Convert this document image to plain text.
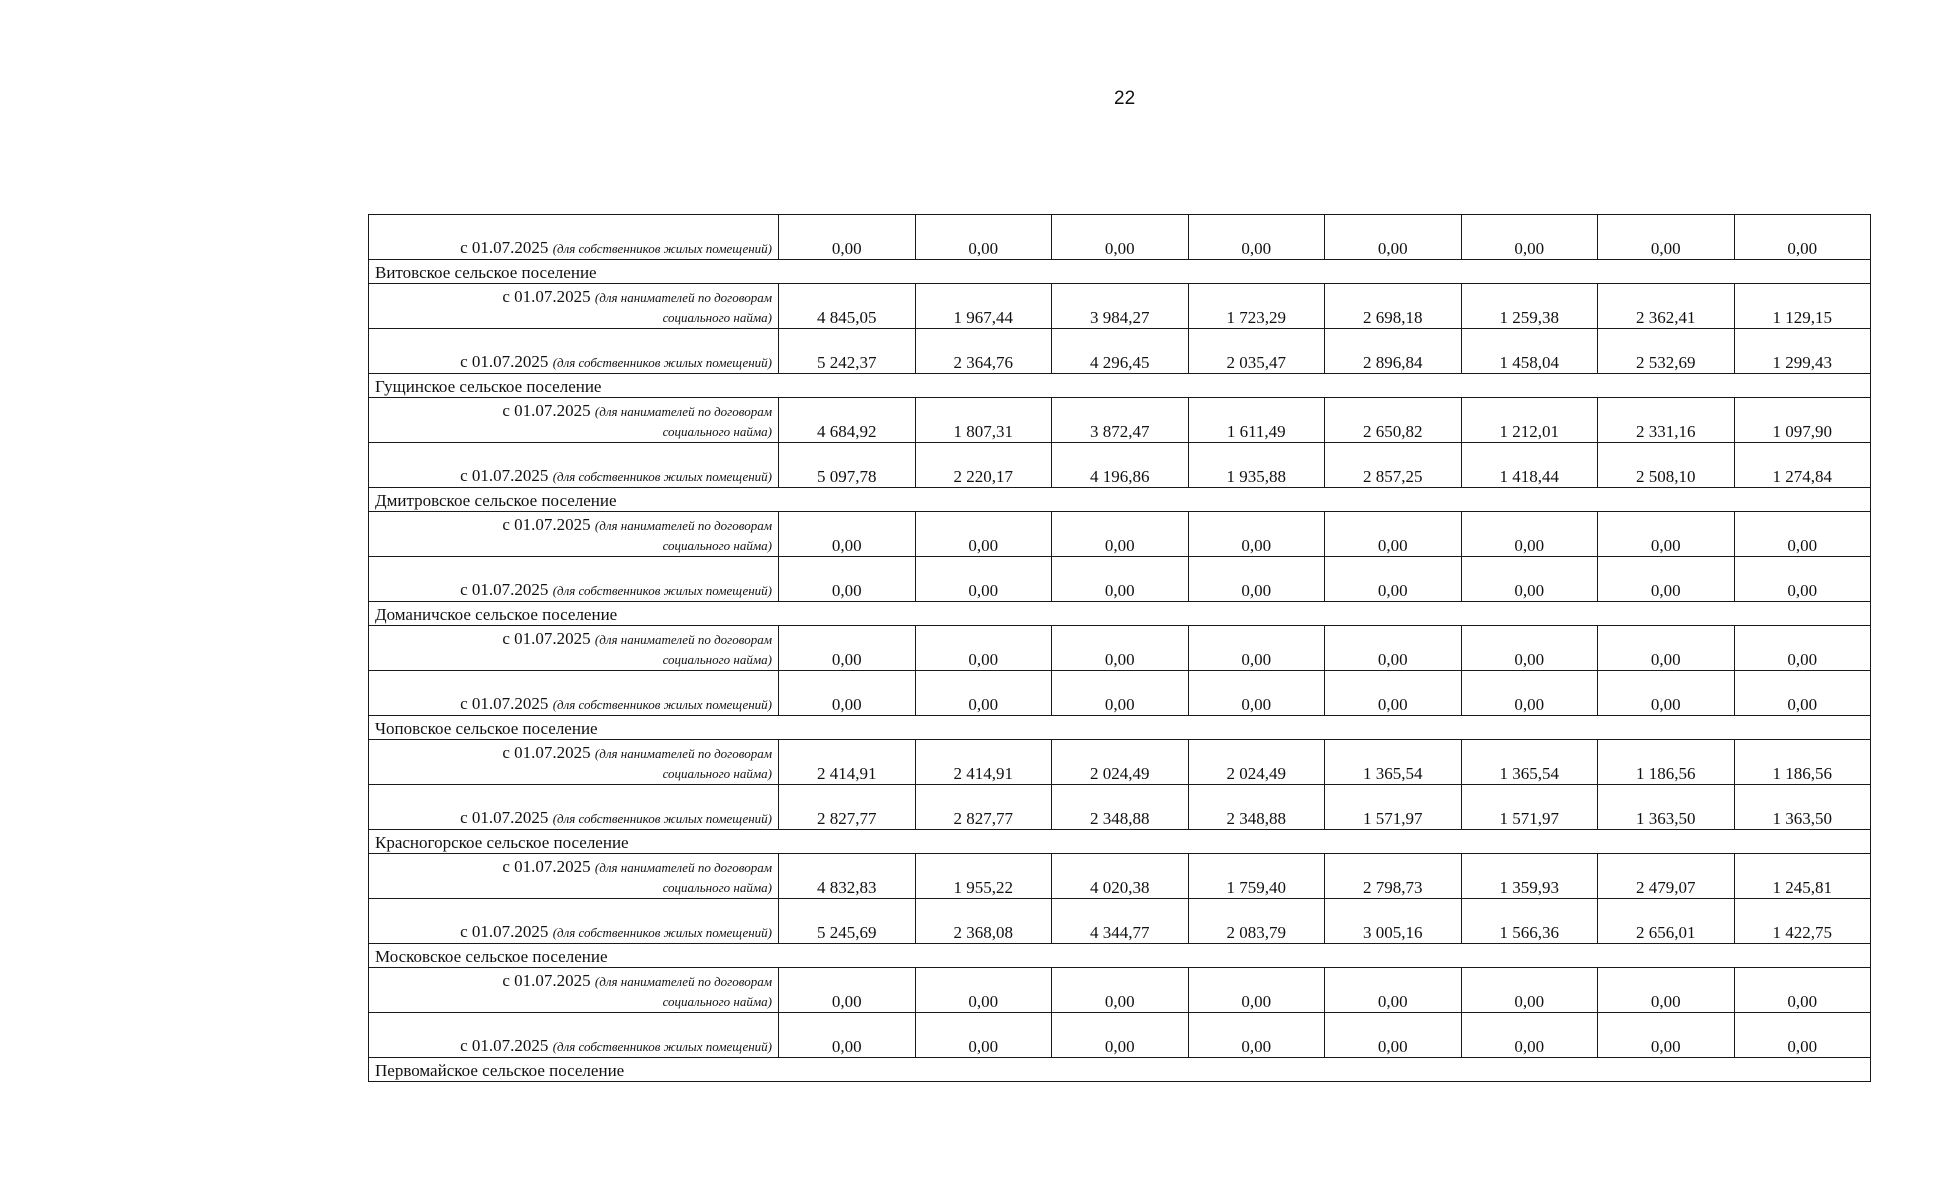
22
с 01.07.2025 (для собственников жилых помещений)	0,00	0,00	0,00	0,00	0,00	0,00	0,00	0,00
Витовское сельское поселение								
с 01.07.2025 (для нанимателей по договорам
социального найма)	4 845,05	1 967,44	3 984,27	1 723,29	2 698,18	1 259,38	2 362,41	1 129,15
с 01.07.2025 (для собственников жилых помещений)	5 242,37	2 364,76	4 296,45	2 035,47	2 896,84	1 458,04	2 532,69	1 299,43
Гущинское сельское поселение								
с 01.07.2025 (для нанимателей по договорам
социального найма)	4 684,92	1 807,31	3 872,47	1 611,49	2 650,82	1 212,01	2 331,16	1 097,90
с 01.07.2025 (для собственников жилых помещений)	5 097,78	2 220,17	4 196,86	1 935,88	2 857,25	1 418,44	2 508,10	1 274,84
Дмитровское сельское поселение								
с 01.07.2025 (для нанимателей по договорам
социального найма)	0,00	0,00	0,00	0,00	0,00	0,00	0,00	0,00
с 01.07.2025 (для собственников жилых помещений)	0,00	0,00	0,00	0,00	0,00	0,00	0,00	0,00
Доманичское сельское поселение								
с 01.07.2025 (для нанимателей по договорам
социального найма)	0,00	0,00	0,00	0,00	0,00	0,00	0,00	0,00
с 01.07.2025 (для собственников жилых помещений)	0,00	0,00	0,00	0,00	0,00	0,00	0,00	0,00
Чоповское сельское поселение								
с 01.07.2025 (для нанимателей по договорам
социального найма)	2 414,91	2 414,91	2 024,49	2 024,49	1 365,54	1 365,54	1 186,56	1 186,56
с 01.07.2025 (для собственников жилых помещений)	2 827,77	2 827,77	2 348,88	2 348,88	1 571,97	1 571,97	1 363,50	1 363,50
Красногорское сельское поселение								
с 01.07.2025 (для нанимателей по договорам
социального найма)	4 832,83	1 955,22	4 020,38	1 759,40	2 798,73	1 359,93	2 479,07	1 245,81
с 01.07.2025 (для собственников жилых помещений)	5 245,69	2 368,08	4 344,77	2 083,79	3 005,16	1 566,36	2 656,01	1 422,75
Московское сельское поселение								
с 01.07.2025 (для нанимателей по договорам
социального найма)	0,00	0,00	0,00	0,00	0,00	0,00	0,00	0,00
с 01.07.2025 (для собственников жилых помещений)	0,00	0,00	0,00	0,00	0,00	0,00	0,00	0,00
Первомайское сельское поселение								
